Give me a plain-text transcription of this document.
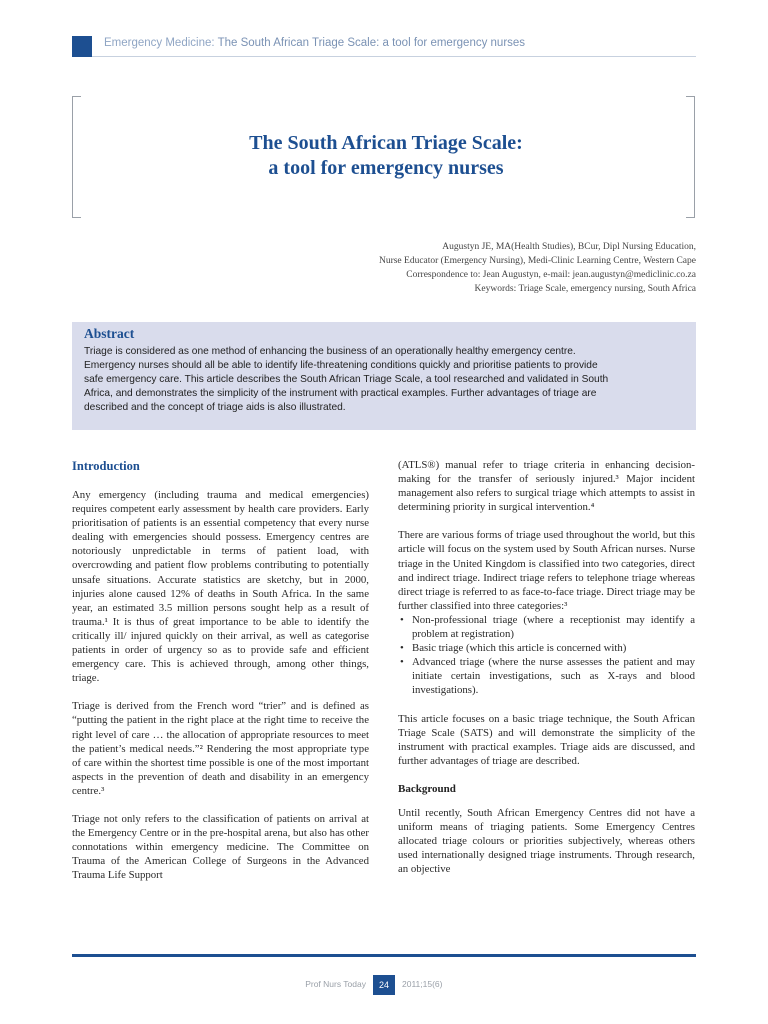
Emergency Medicine: The South African Triage Scale: a tool for emergency nurses
The South African Triage Scale:
a tool for emergency nurses
Augustyn JE, MA(Health Studies), BCur, Dipl Nursing Education,
Nurse Educator (Emergency Nursing), Medi-Clinic Learning Centre, Western Cape
Correspondence to: Jean Augustyn, e-mail: jean.augustyn@mediclinic.co.za
Keywords: Triage Scale, emergency nursing, South Africa
Abstract

Triage is considered as one method of enhancing the business of an operationally healthy emergency centre.
Emergency nurses should all be able to identify life-threatening conditions quickly and prioritise patients to provide
safe emergency care. This article describes the South African Triage Scale, a tool researched and validated in South
Africa, and demonstrates the simplicity of the instrument with practical examples. Further advantages of triage are
described and the concept of triage aids is also illustrated.

Introduction

Any emergency (including trauma and medical emergencies) requires competent early assessment by health care providers. Early prioritisation of patients is an essential competency that every nurse dealing with emergencies should possess. Emergency centres are notoriously unpredictable in terms of patient load, with overcrowding and patient flow problems contributing to potentially unsafe situations. Accurate statistics are sketchy, but in 2000, injuries alone caused 12% of deaths in South Africa. In the same year, an estimated 3.5 million persons sought help as a result of trauma.¹ It is thus of great importance to be able to identify the critically ill/ injured quickly on their arrival, as well as categorise patients in order of urgency so as to provide safe and efficient emergency care. This is achieved through, among other things, triage.

Triage is derived from the French word “trier” and is defined as “putting the patient in the right place at the right time to receive the right level of care … the allocation of appropriate resources to meet the patient’s medical needs.”² Rendering the most appropriate type of care within the shortest time possible is one of the most important aspects in the prevention of death and disability in an emergency centre.³

Triage not only refers to the classification of patients on arrival at the Emergency Centre or in the pre-hospital arena, but also has other connotations within emergency medicine. The Committee on Trauma of the American College of Surgeons in the Advanced Trauma Life Support

(ATLS®) manual refer to triage criteria in enhancing decision-making for the transfer of seriously injured.³ Major incident management also refers to surgical triage which attempts to assist in determining priority in surgical intervention.⁴

There are various forms of triage used throughout the world, but this article will focus on the system used by South African nurses. Nurse triage in the United Kingdom is classified into two categories, direct and indirect triage. Indirect triage refers to telephone triage whereas direct triage is referred to as face-to-face triage. Direct triage may be further classified into three categories:³

• Non-professional triage (where a receptionist may identify a problem at registration)
• Basic triage (which this article is concerned with)
• Advanced triage (where the nurse assesses the patient and may initiate certain investigations, such as X-rays and blood investigations).

This article focuses on a basic triage technique, the South African Triage Scale (SATS) and will demonstrate the simplicity of the instrument with practical examples. Triage aids are discussed, and further advantages of triage are described.

Background

Until recently, South African Emergency Centres did not have a uniform means of triaging patients. Some Emergency Centres allocated triage colours or priorities subjectively, whereas others used internationally designed triage instruments. Through research, an objective

Prof Nurs Today	24	2011;15(6)
